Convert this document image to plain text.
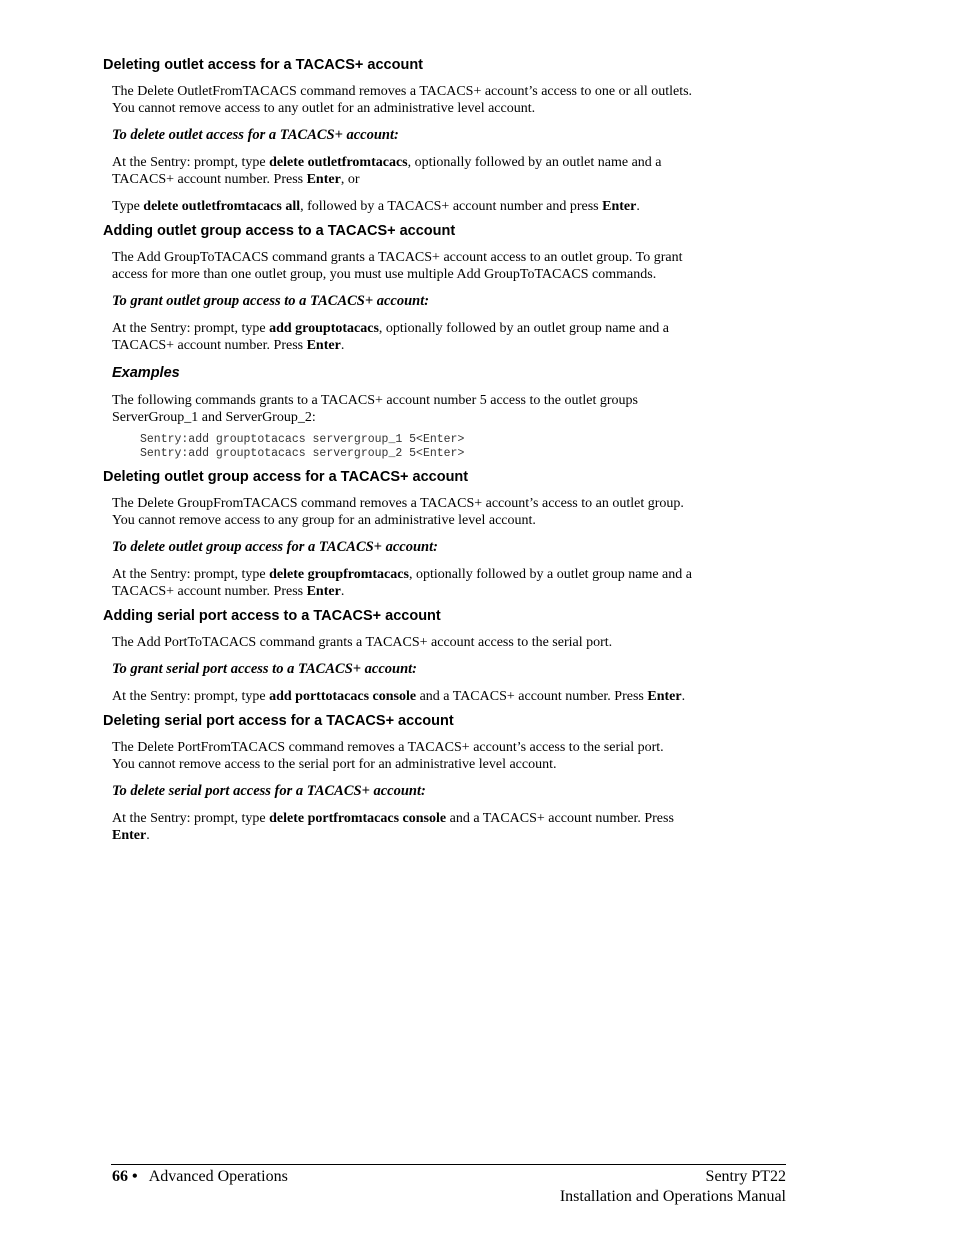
Deleting outlet access for a TACACS+ account

The Delete OutletFromTACACS command removes a TACACS+ account’s access to one or all outlets.

You cannot remove access to any outlet for an administrative level account.

To delete outlet access for a TACACS+ account:

At the Sentry: prompt, type delete outletfromtacacs, optionally followed by an outlet name and a

TACACS+ account number. Press Enter, or

Type delete outletfromtacacs all, followed by a TACACS+ account number and press Enter.

Adding outlet group access to a TACACS+ account

The Add GroupToTACACS command grants a TACACS+ account access to an outlet group. To grant

access for more than one outlet group, you must use multiple Add GroupToTACACS commands.

To grant outlet group access to a TACACS+ account:

At the Sentry: prompt, type add grouptotacacs, optionally followed by an outlet group name and a

TACACS+ account number. Press Enter.

Examples

The following commands grants to a TACACS+ account number 5 access to the outlet groups

ServerGroup_1 and ServerGroup_2:

Sentry:add grouptotacacs servergroup_1 5<Enter>
Sentry:add grouptotacacs servergroup_2 5<Enter>
Deleting outlet group access for a TACACS+ account

The Delete GroupFromTACACS command removes a TACACS+ account’s access to an outlet group.

You cannot remove access to any group for an administrative level account.

To delete outlet group access for a TACACS+ account:

At the Sentry: prompt, type delete groupfromtacacs, optionally followed by a outlet group name and a

TACACS+ account number. Press Enter.

Adding serial port access to a TACACS+ account

The Add PortToTACACS command grants a TACACS+ account access to the serial port.

To grant serial port access to a TACACS+ account:

At the Sentry: prompt, type add porttotacacs console and a TACACS+ account number. Press Enter.

Deleting serial port access for a TACACS+ account

The Delete PortFromTACACS command removes a TACACS+ account’s access to the serial port.

You cannot remove access to the serial port for an administrative level account.

To delete serial port access for a TACACS+ account:

At the Sentry: prompt, type delete portfromtacacs console and a TACACS+ account number. Press

Enter.

66 • Advanced Operations	Sentry PT22
Installation and Operations Manual
